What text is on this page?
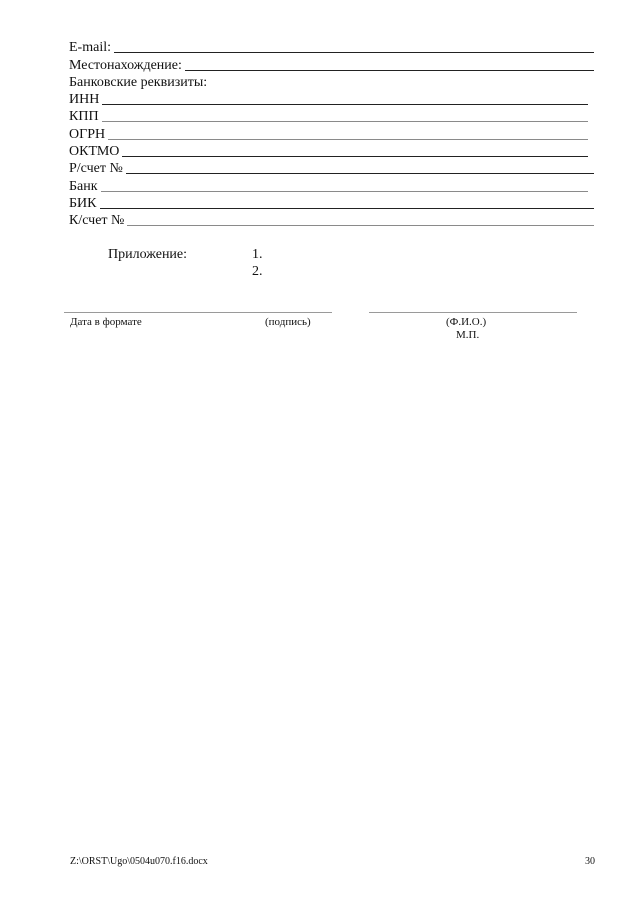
E-mail:
Местонахождение:
Банковские реквизиты:
ИНН
КПП
ОГРН
ОКТМО
Р/счет №
Банк
БИК
К/счет №
Приложение:	1.
2.
Дата в формате	(подпись)	(Ф.И.О.)
М.П.
Z:\ORST\Ugo\0504u070.f16.docx	30
